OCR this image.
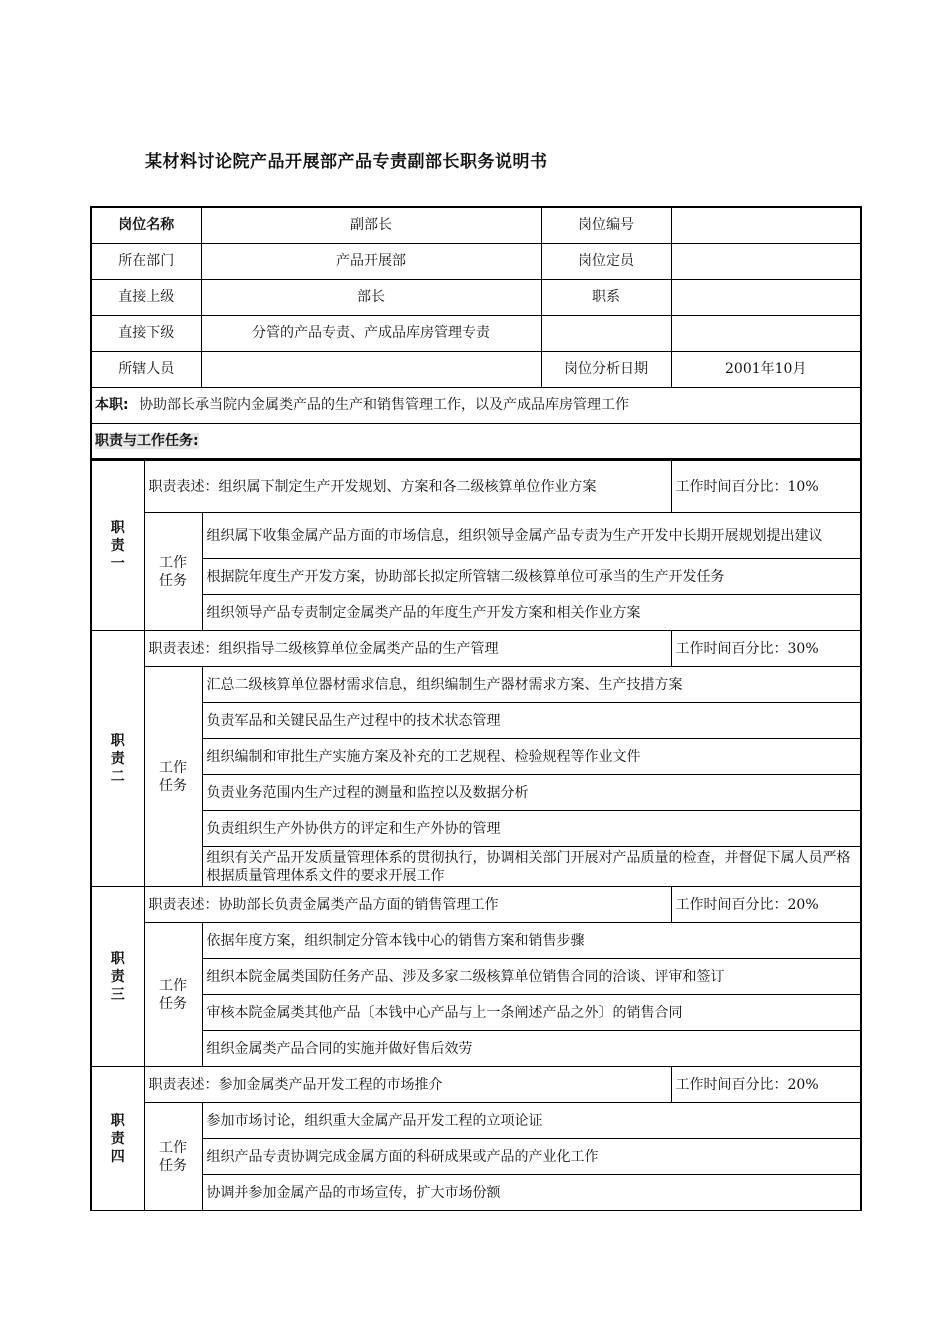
某材料讨论院产品开展部产品专责副部长职务说明书
岗位名称	副部长	岗位编号	
所在部门	产品开展部	岗位定员	
直接上级	部长	职系	
直接下级	分管的产品专责、产成品库房管理专责		
所辖人员		岗位分析日期	2001年10月
本职: 协助部长承当院内金属类产品的生产和销售管理工作，以及产成品库房管理工作			
职责与工作任务:			
职
责
一	职责表述：组织属下制定生产开发规划、方案和各二级核算单位作业方案		工作时间百分比：10%
	工作
任务	组织属下收集金属产品方面的市场信息，组织领导金属产品专责为生产开发中长期开展规划提出建议	
		根据院年度生产开发方案，协助部长拟定所管辖二级核算单位可承当的生产开发任务	
		组织领导产品专责制定金属类产品的年度生产开发方案和相关作业方案	
职
责
二	职责表述：组织指导二级核算单位金属类产品的生产管理		工作时间百分比：30%
	工作
任务	汇总二级核算单位器材需求信息，组织编制生产器材需求方案、生产技措方案	
		负责军品和关键民品生产过程中的技术状态管理	
		组织编制和审批生产实施方案及补充的工艺规程、检验规程等作业文件	
		负责业务范围内生产过程的测量和监控以及数据分析	
		负责组织生产外协供方的评定和生产外协的管理	
		组织有关产品开发质量管理体系的贯彻执行，协调相关部门开展对产品质量的检查，并督促下属人员严格根据质量管理体系文件的要求开展工作	
职
责
三	职责表述：协助部长负责金属类产品方面的销售管理工作		工作时间百分比：20%
	工作
任务	依据年度方案，组织制定分管本钱中心的销售方案和销售步骤	
		组织本院金属类国防任务产品、涉及多家二级核算单位销售合同的洽谈、评审和签订	
		审核本院金属类其他产品〔本钱中心产品与上一条阐述产品之外〕的销售合同	
		组织金属类产品合同的实施并做好售后效劳	
职
责
四	职责表述：参加金属类产品开发工程的市场推介		工作时间百分比：20%
	工作
任务	参加市场讨论，组织重大金属产品开发工程的立项论证	
		组织产品专责协调完成金属方面的科研成果或产品的产业化工作	
		协调并参加金属产品的市场宣传，扩大市场份额	
